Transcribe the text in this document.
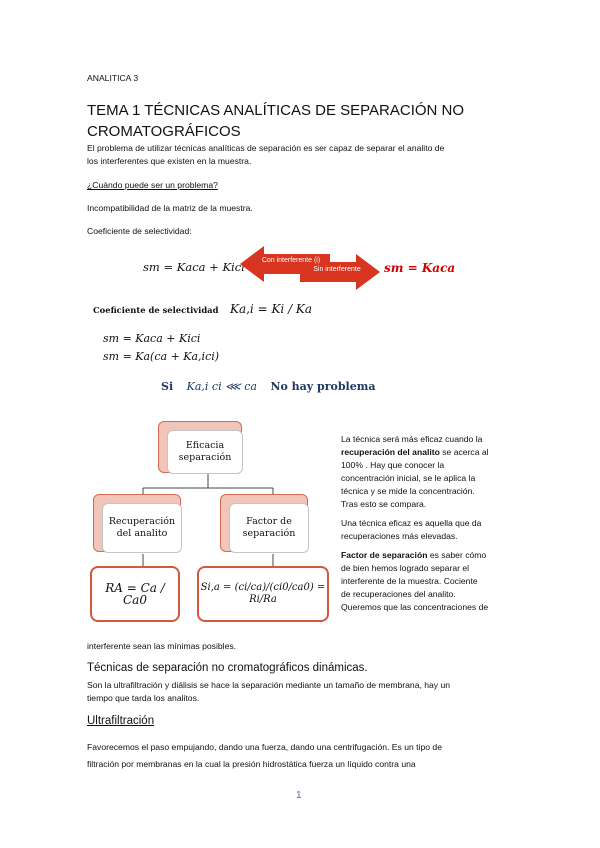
ANALITICA 3
TEMA 1 TÉCNICAS ANALÍTICAS DE SEPARACIÓN NO
CROMATOGRÁFICOS
El problema de utilizar técnicas analíticas de separación es ser capaz de separar el analito de
los interferentes que existen en la muestra.
¿Cuándo puede ser un problema?
Incompatibilidad de la matriz de la muestra.
Coeficiente de selectividad:
sm = Kaca + Kici	Con interferente (i)
Sin interferente	sm = Kaca
Coeficiente de selectividad Ka,i = Ki / Ka
sm = Kaca + Kici
sm = Ka(ca + Ka,ici)
Si Ka,i ci ⋘ ca No hay problema
Eficacia separación
Recuperación del analito
Factor de separación
RA = Ca / Ca0
Si,a = (ci/ca)/(ci0/ca0) = Ri/Ra
La técnica será más eficaz cuando la
recuperación del analito se acerca al
100% . Hay que conocer la
concentración inicial, se le aplica la
técnica y se mide la concentración.
Tras esto se compara.
Una técnica eficaz es aquella que da
recuperaciones más elevadas.
Factor de separación es saber cómo
de bien hemos logrado separar el
interferente de la muestra. Cociente
de recuperaciones del analito.
Queremos que las concentraciones de
interferente sean las mínimas posibles.
Técnicas de separación no cromatográficos dinámicas.
Son la ultrafiltración y diálisis se hace la separación mediante un tamaño de membrana, hay un
tiempo que tarda los analitos.
Ultrafiltración
Favorecemos el paso empujando, dando una fuerza, dando una centrifugación. Es un tipo de
filtración por membranas en la cual la presión hidrostática fuerza un líquido contra una
1
